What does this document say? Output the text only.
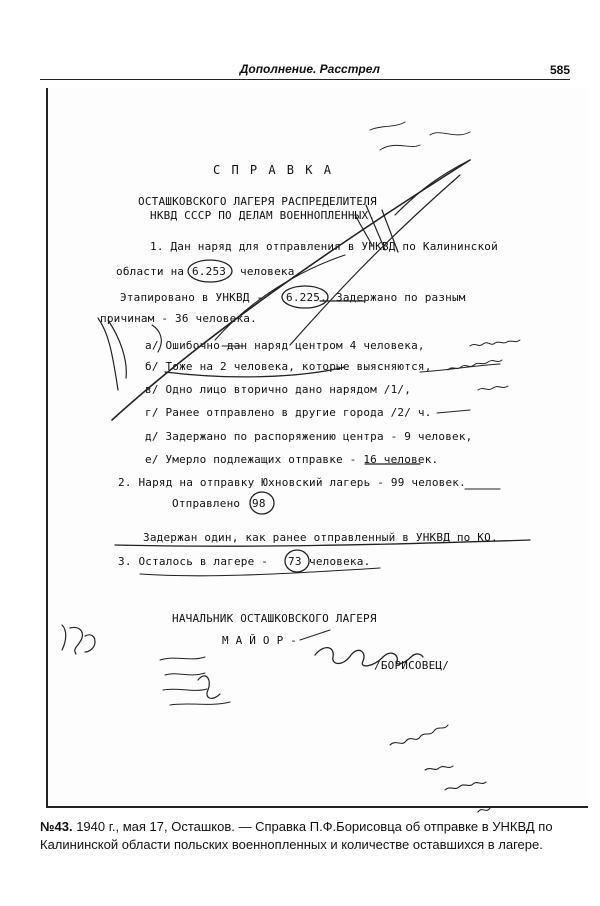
Дополнение. Расстрел	585
С П Р А В К А
ОСТАШКОВСКОГО ЛАГЕРЯ РАСПРЕДЕЛИТЕЛЯ
НКВД СССР ПО ДЕЛАМ ВОЕННОПЛЕННЫХ.
1. Дан наряд для отправления в УНКВД по Калининской
области на 6.253 человека.
Этапировано в УНКВД - 6.225. Задержано по разным
причинам - 36 человека.
а/ Ошибочно дан наряд центром 4 человека,
б/ Тоже на 2 человека, которые выясняются,
в/ Одно лицо вторично дано нарядом /1/,
г/ Ранее отправлено в другие города /2/ ч.
д/ Задержано по распоряжению центра - 9 человек,
е/ Умерло подлежащих отправке - 16 человек.
2. Наряд на отправку Юхновский лагерь - 99 человек.
Отправлено 98
Задержан один, как ранее отправленный в УНКВД по КО.
3. Осталось в лагере - 73 человека.
НАЧАЛЬНИК ОСТАШКОВСКОГО ЛАГЕРЯ
М А Й О Р -
/БОРИСОВЕЦ/
№43. 1940 г., мая 17, Осташков. — Справка П.Ф.Борисовца об отправке в УНКВД по Калининской области польских военнопленных и количестве оставшихся в лагере.
